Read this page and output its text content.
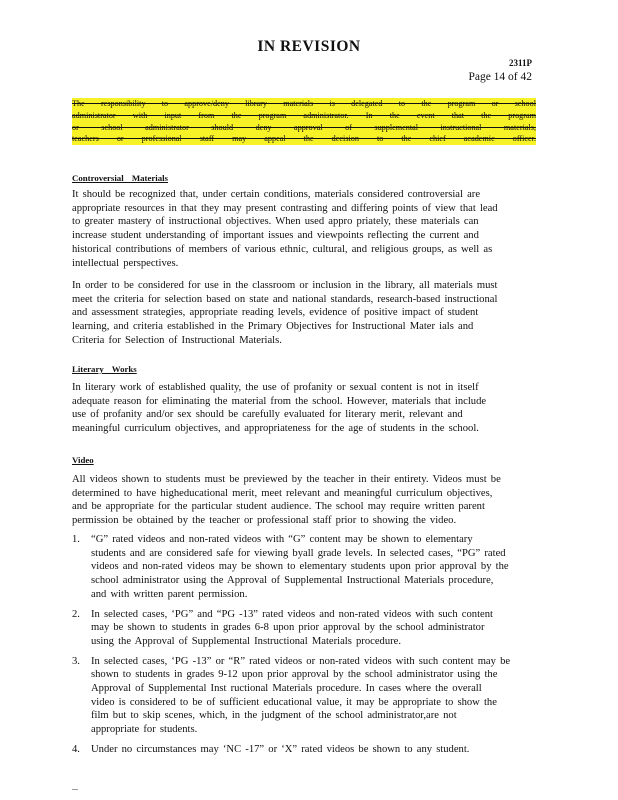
IN REVISION
2311P
Page 14 of 42
The responsibility to approve/deny library materials is delegated to the program or school
administrator with input from the program administrator. In the event that the program
or school administrator should deny approval of supplemental instructional materials,
teachers or professional staff may appeal the decision to the chief academic officer.
Controversial Materials
It should be recognized that, under certain conditions, materials considered controversial are
appropriate resources in that they may present contrasting and differing points of view that lead
to greater mastery of instructional objectives. When used appro priately, these materials can
increase student understanding of important issues and viewpoints reflecting the current and
historical contributions of members of various ethnic, cultural, and religious groups, as well as
intellectual perspectives.
In order to be considered for use in the classroom or inclusion in the library, all materials must
meet the criteria for selection based on state and national standards, research-based instructional
and assessment strategies, appropriate reading levels, evidence of positive impact of student
learning, and criteria established in the Primary Objectives for Instructional Mater ials and
Criteria for Selection of Instructional Materials.
Literary Works
In literary work of established quality, the use of profanity or sexual content is not in itself
adequate reason for eliminating the material from the school. However, materials that include
use of profanity and/or sex should be carefully evaluated for literary merit, relevant and
meaningful curriculum objectives, and appropriateness for the age of students in the school.
Video
All videos shown to students must be previewed by the teacher in their entirety. Videos must be
determined to have higheducational merit, meet relevant and meaningful curriculum objectives,
and be appropriate for the particular student audience. The school may require written parent
permission be obtained by the teacher or professional staff prior to showing the video.
1. “G” rated videos and non-rated videos with “G” content may be shown to elementary
students and are considered safe for viewing byall grade levels. In selected cases, “PG” rated
videos and non-rated videos may be shown to elementary students upon prior approval by the
school administrator using the Approval of Supplemental Instructional Materials procedure,
and with written parent permission.
2. In selected cases, ‘PG” and “PG -13” rated videos and non-rated videos with such content
may be shown to students in grades 6-8 upon prior approval by the school administrator
using the Approval of Supplemental Instructional Materials procedure.
3. In selected cases, ‘PG -13” or “R” rated videos or non-rated videos with such content may be
shown to students in grades 9-12 upon prior approval by the school administrator using the
Approval of Supplemental Inst ructional Materials procedure. In cases where the overall
video is considered to be of sufficient educational value, it may be appropriate to show the
film but to skip scenes, which, in the judgment of the school administrator,are not
appropriate for students.
4. Under no circumstances may ‘NC -17” or ‘X” rated videos be shown to any student.
